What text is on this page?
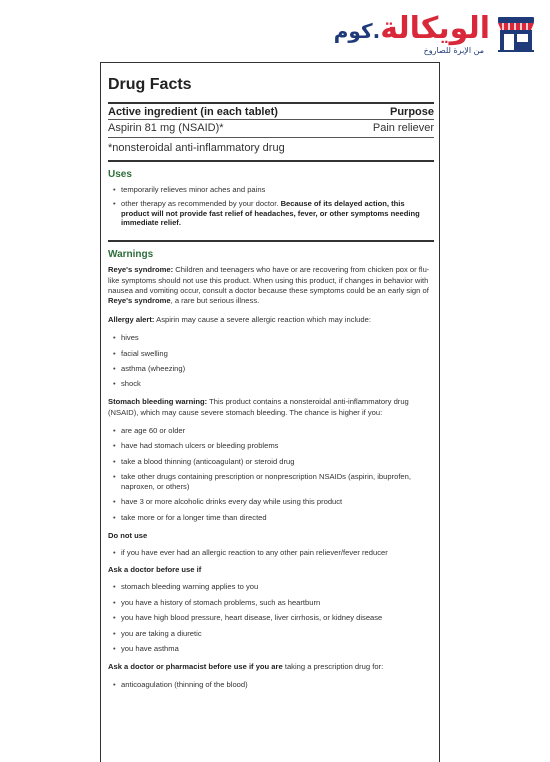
الويكالة.كوم
من الإبرة للصاروخ
Drug Facts
Active ingredient (in each tablet)	Purpose
Aspirin 81 mg (NSAID)*	Pain reliever
*nonsteroidal anti-inflammatory drug
Uses
• temporarily relieves minor aches and pains
• other therapy as recommended by your doctor. Because of its delayed action, this product will not provide fast relief of headaches, fever, or other symptoms needing immediate relief.
Warnings

Reye's syndrome: Children and teenagers who have or are recovering from chicken pox or flu-like symptoms should not use this product. When using this product, if changes in behavior with nausea and vomiting occur, consult a doctor because these symptoms could be an early sign of Reye's syndrome, a rare but serious illness.

Allergy alert: Aspirin may cause a severe allergic reaction which may include:

• hives
• facial swelling
• asthma (wheezing)
• shock

Stomach bleeding warning: This product contains a nonsteroidal anti-inflammatory drug (NSAID), which may cause severe stomach bleeding. The chance is higher if you:

• are age 60 or older
• have had stomach ulcers or bleeding problems
• take a blood thinning (anticoagulant) or steroid drug
• take other drugs containing prescription or nonprescription NSAIDs (aspirin, ibuprofen, naproxen, or others)
• have 3 or more alcoholic drinks every day while using this product
• take more or for a longer time than directed

Do not use

• if you have ever had an allergic reaction to any other pain reliever/fever reducer

Ask a doctor before use if

• stomach bleeding warning applies to you
• you have a history of stomach problems, such as heartburn
• you have high blood pressure, heart disease, liver cirrhosis, or kidney disease
• you are taking a diuretic
• you have asthma

Ask a doctor or pharmacist before use if you are taking a prescription drug for:

• anticoagulation (thinning of the blood)
